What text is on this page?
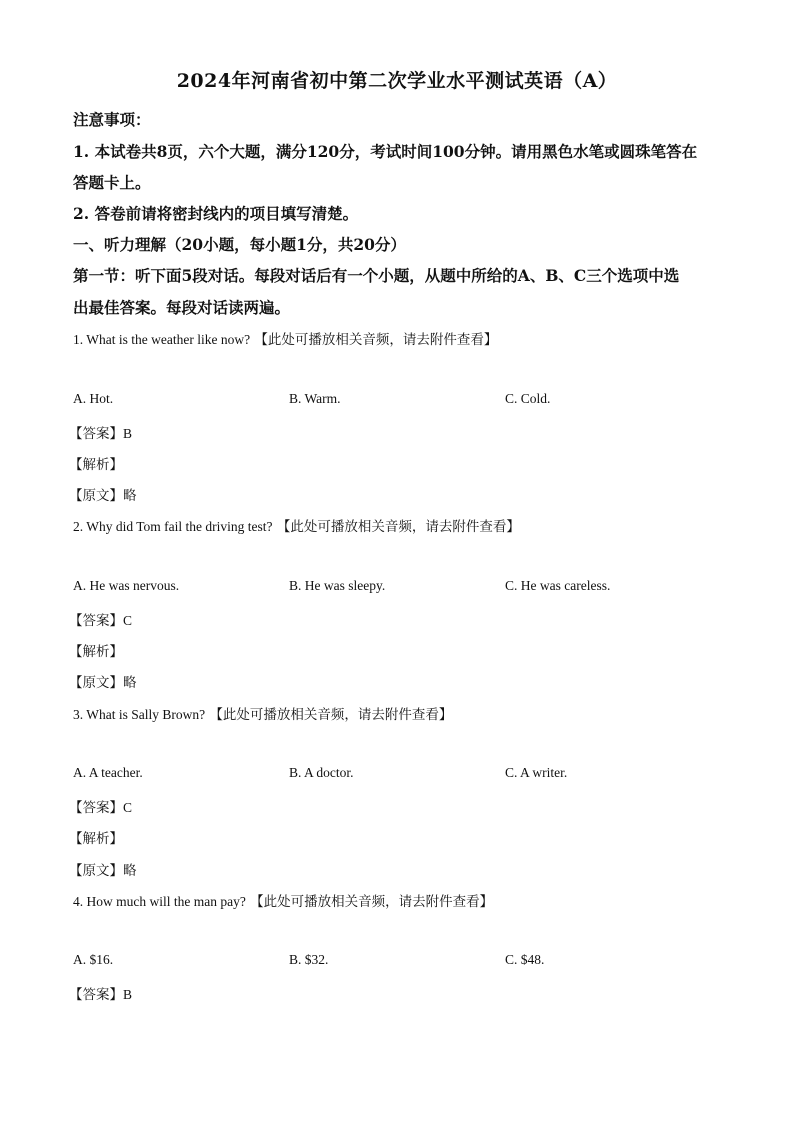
2024年河南省初中第二次学业水平测试英语（A）
注意事项：
1. 本试卷共8页，六个大题，满分120分，考试时间100分钟。请用黑色水笔或圆珠笔答在
答题卡上。
2. 答卷前请将密封线内的项目填写清楚。
一、听力理解（20小题，每小题1分，共20分）
第一节：听下面5段对话。每段对话后有一个小题，从题中所给的A、B、C三个选项中选
出最佳答案。每段对话读两遍。
1. What is the weather like now? 【此处可播放相关音频，请去附件查看】
A. Hot.	B. Warm.	C. Cold.
【答案】B
【解析】
【原文】略
2. Why did Tom fail the driving test? 【此处可播放相关音频，请去附件查看】
A. He was nervous.	B. He was sleepy.	C. He was careless.
【答案】C
【解析】
【原文】略
3. What is Sally Brown? 【此处可播放相关音频，请去附件查看】
A. A teacher.	B. A doctor.	C. A writer.
【答案】C
【解析】
【原文】略
4. How much will the man pay? 【此处可播放相关音频，请去附件查看】
A. $16.	B. $32.	C. $48.
【答案】B
